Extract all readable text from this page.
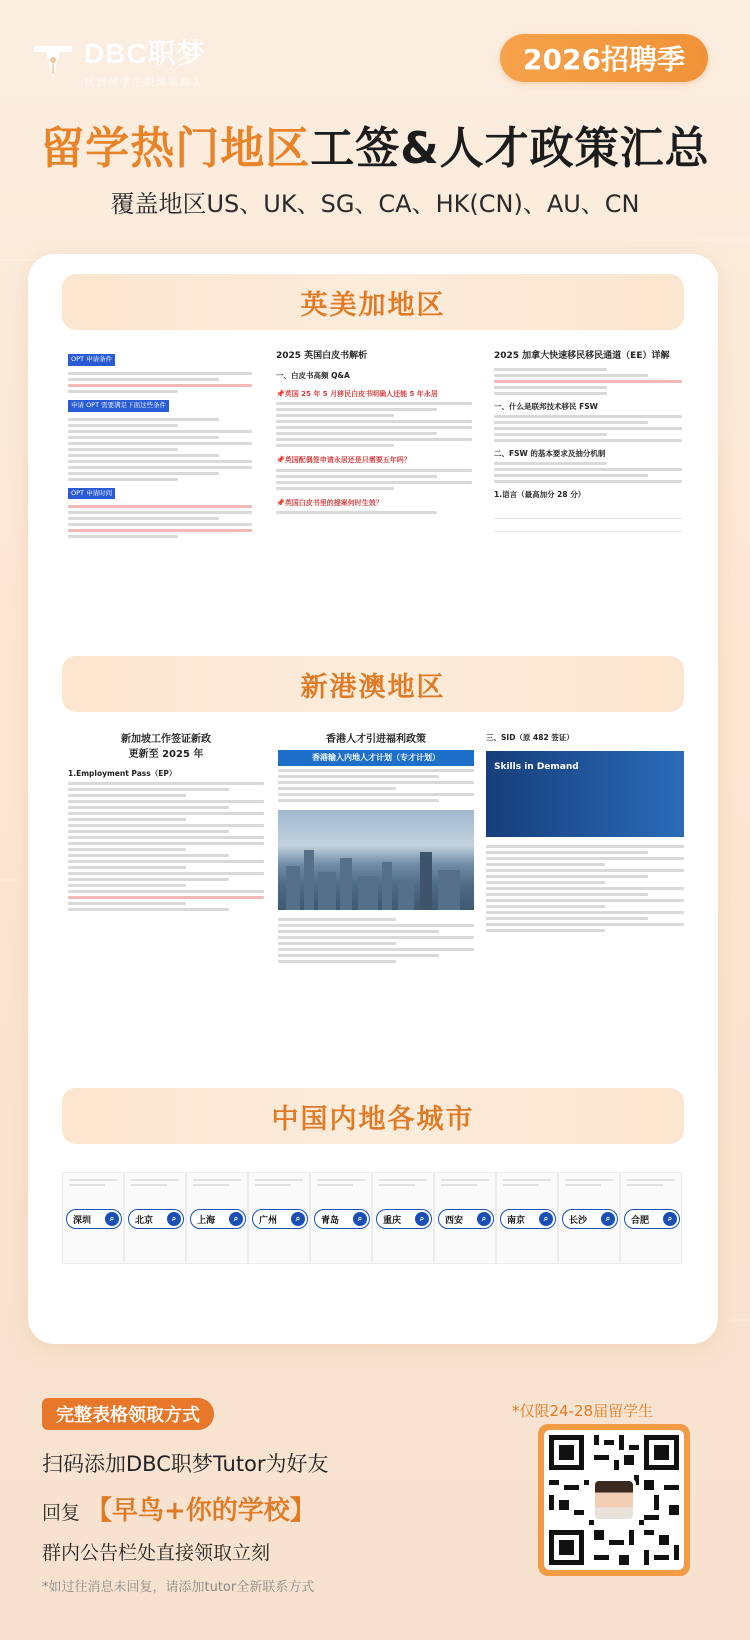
DBC职梦
找到留学生职场领路人
2026招聘季
留学热门地区工签&人才政策汇总
覆盖地区US、UK、SG、CA、HK(CN)、AU、CN
英美加地区
OPT 申请条件
申请 OPT 需要满足下面这些条件
OPT 申请时间
2025 英国白皮书解析
一、白皮书高频 Q&A
📌英国 25 年 5 月移民白皮书明确人还能 5 年永居
📌英国配偶签申请永居还是只需要五年吗？
📌英国白皮书里的提案何时生效？
2025 加拿大快速移民移民通道（EE）详解
一、什么是联邦技术移民 FSW
二、FSW 的基本要求及抽分机制
1.语言（最高加分 28 分）

新港澳地区
新加坡工作签证新政
更新至 2025 年
1.Employment Pass（EP）
香港人才引进福利政策
香港输入内地人才计划（专才计划）
三、SID（原 482 签证）
Skills in Demand
中国内地各城市
深圳	⌕	北京	⌕	上海	⌕	广州	⌕	青岛	⌕	重庆	⌕	西安	⌕	南京	⌕	长沙	⌕	合肥	⌕
完整表格领取方式	*仅限24-28届留学生
扫码添加DBC职梦Tutor为好友
回复 【早鸟+你的学校】
群内公告栏处直接领取立刻
*如过往消息未回复，请添加tutor全新联系方式
